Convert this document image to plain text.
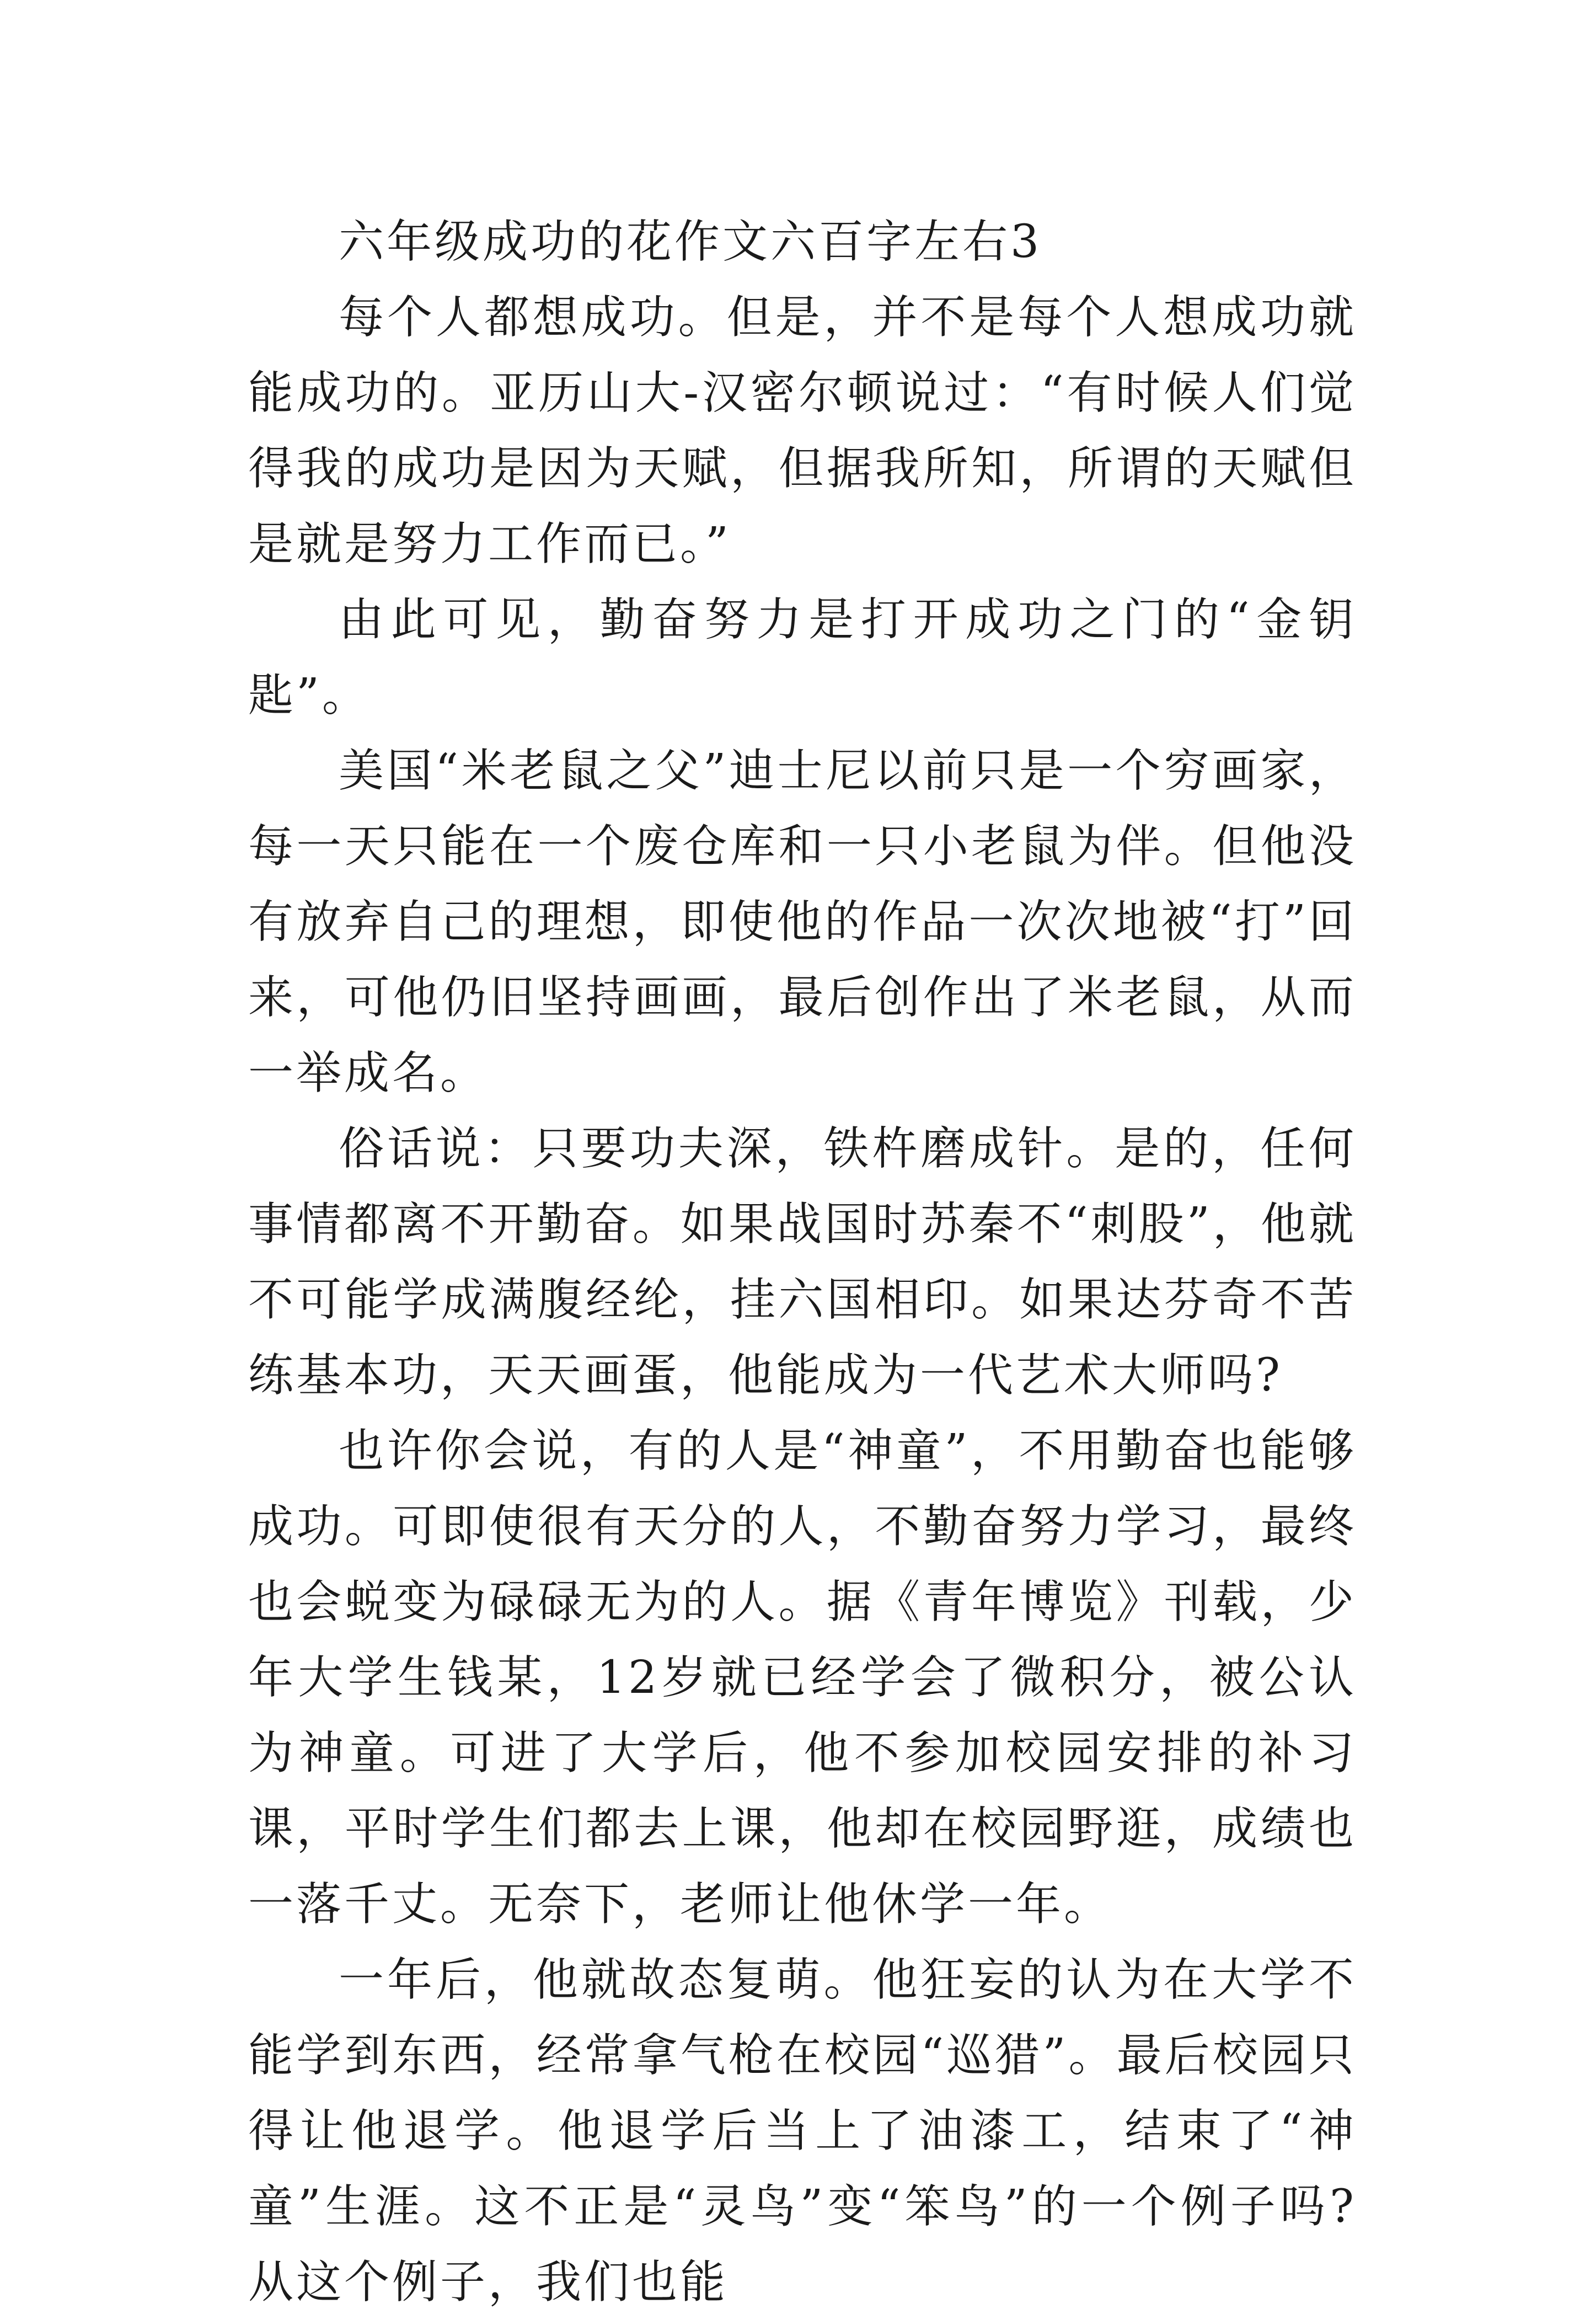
六年级成功的花作文六百字左右3

每个人都想成功。但是，并不是每个人想成功就能成功的。亚历山大-汉密尔顿说过：“有时候人们觉得我的成功是因为天赋，但据我所知，所谓的天赋但是就是努力工作而已。”

由此可见，勤奋努力是打开成功之门的“金钥匙”。

美国“米老鼠之父”迪士尼以前只是一个穷画家，每一天只能在一个废仓库和一只小老鼠为伴。但他没有放弃自己的理想，即使他的作品一次次地被“打”回来，可他仍旧坚持画画，最后创作出了米老鼠，从而一举成名。

俗话说：只要功夫深，铁杵磨成针。是的，任何事情都离不开勤奋。如果战国时苏秦不“刺股”，他就不可能学成满腹经纶，挂六国相印。如果达芬奇不苦练基本功，天天画蛋，他能成为一代艺术大师吗?

也许你会说，有的人是“神童”，不用勤奋也能够成功。可即使很有天分的人，不勤奋努力学习，最终也会蜕变为碌碌无为的人。据《青年博览》刊载，少年大学生钱某，12岁就已经学会了微积分，被公认为神童。可进了大学后，他不参加校园安排的补习课，平时学生们都去上课，他却在校园野逛，成绩也一落千丈。无奈下，老师让他休学一年。

一年后，他就故态复萌。他狂妄的认为在大学不能学到东西，经常拿气枪在校园“巡猎”。最后校园只得让他退学。他退学后当上了油漆工，结束了“神童”生涯。这不正是“灵鸟”变“笨鸟”的一个例子吗?从这个例子，我们也能
